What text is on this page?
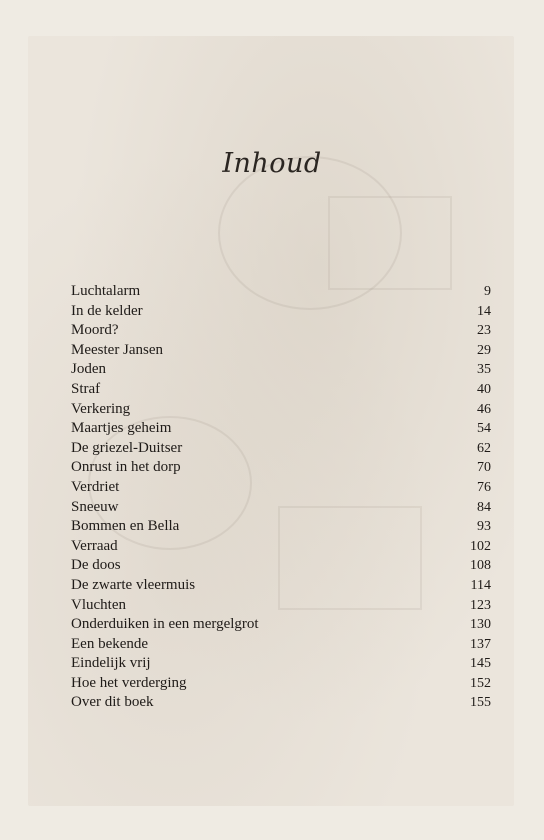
Inhoud
Luchtalarm	9
In de kelder	14
Moord?	23
Meester Jansen	29
Joden	35
Straf	40
Verkering	46
Maartjes geheim	54
De griezel-Duitser	62
Onrust in het dorp	70
Verdriet	76
Sneeuw	84
Bommen en Bella	93
Verraad	102
De doos	108
De zwarte vleermuis	114
Vluchten	123
Onderduiken in een mergelgrot	130
Een bekende	137
Eindelijk vrij	145
Hoe het verderging	152
Over dit boek	155
